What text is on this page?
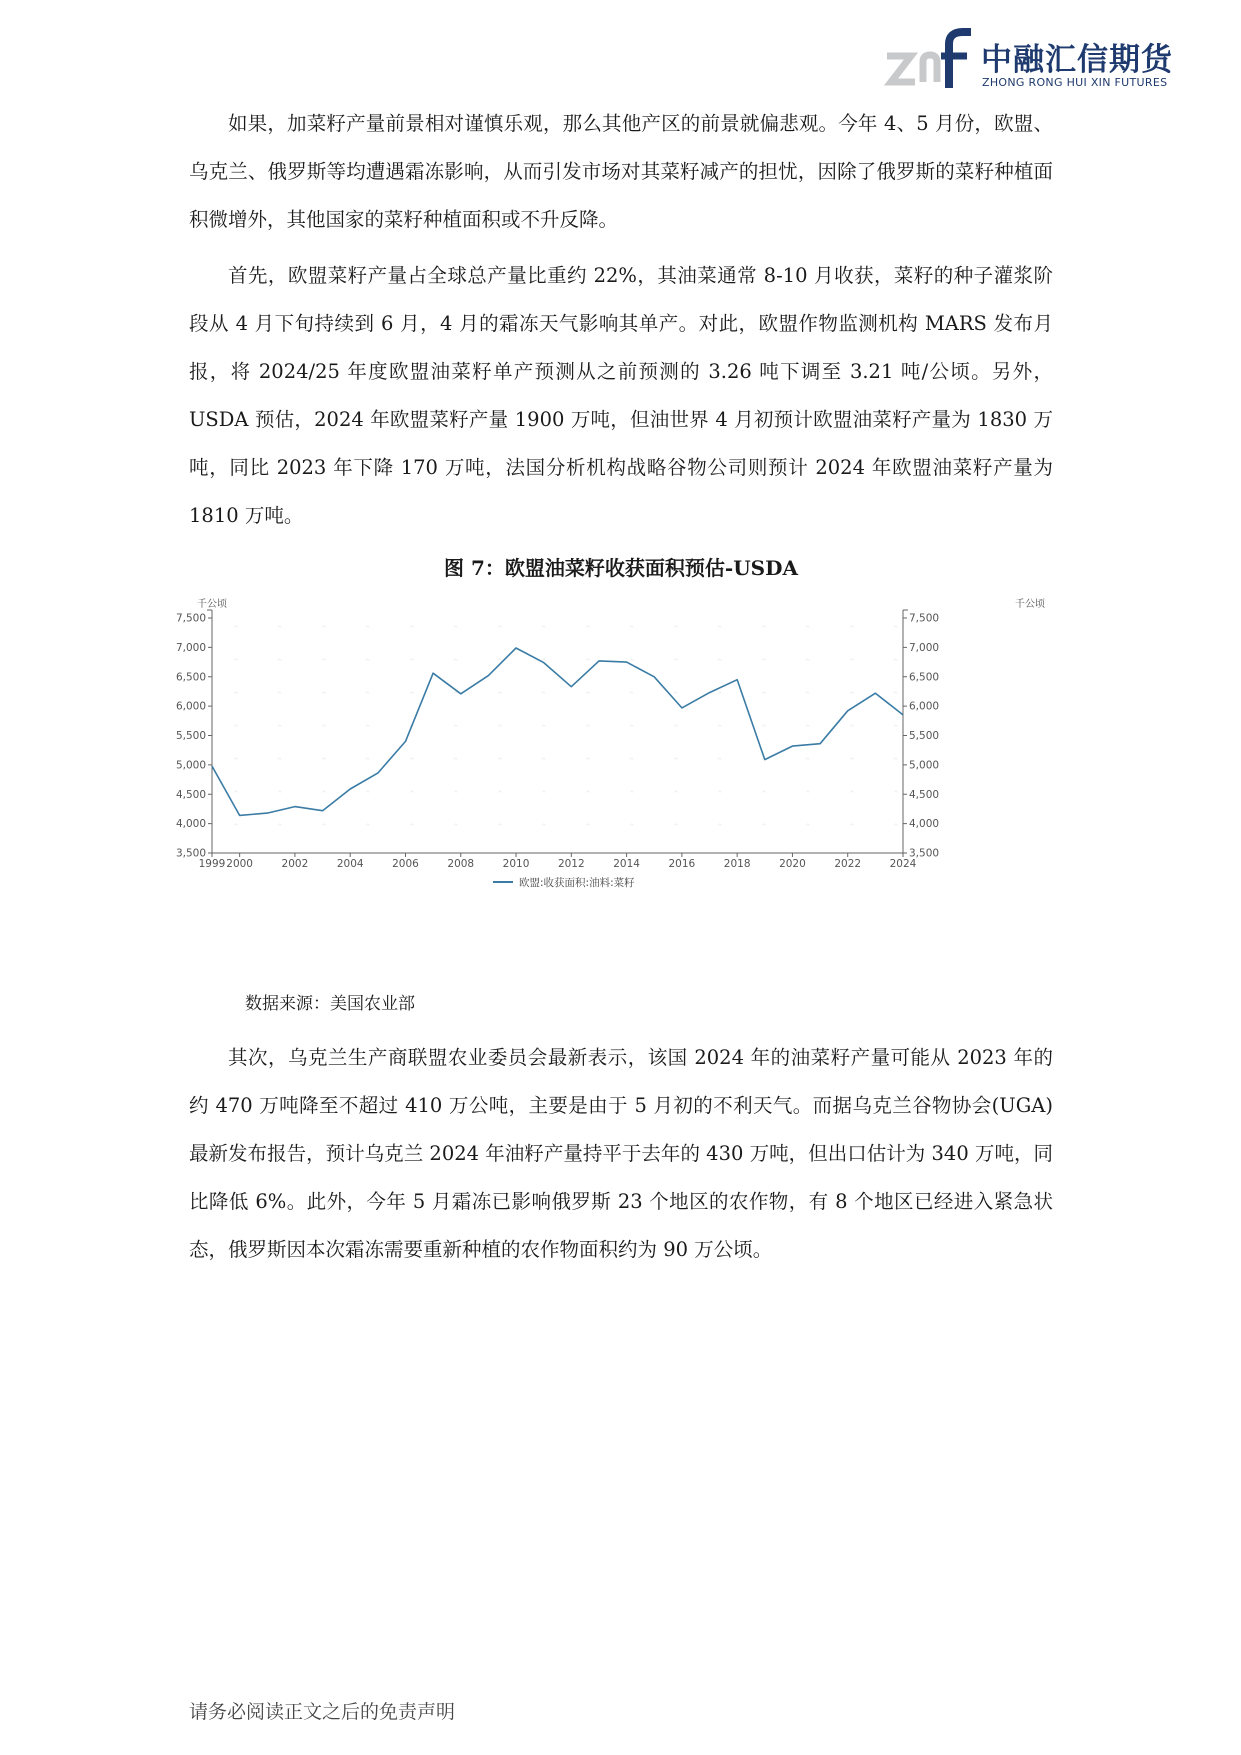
中融汇信期货
ZHONG RONG HUI XIN FUTURES

如果，加菜籽产量前景相对谨慎乐观，那么其他产区的前景就偏悲观。今年 4、5 月份，欧盟、乌克兰、俄罗斯等均遭遇霜冻影响，从而引发市场对其菜籽减产的担忧，因除了俄罗斯的菜籽种植面积微增外，其他国家的菜籽种植面积或不升反降。

首先，欧盟菜籽产量占全球总产量比重约 22%，其油菜通常 8-10 月收获，菜籽的种子灌浆阶段从 4 月下旬持续到 6 月，4 月的霜冻天气影响其单产。对此，欧盟作物监测机构 MARS 发布月报，将 2024/25 年度欧盟油菜籽单产预测从之前预测的 3.26 吨下调至 3.21 吨/公顷。另外，USDA 预估，2024 年欧盟菜籽产量 1900 万吨，但油世界 4 月初预计欧盟油菜籽产量为 1830 万吨，同比 2023 年下降 170 万吨，法国分析机构战略谷物公司则预计 2024 年欧盟油菜籽产量为 1810 万吨。

图 7：欧盟油菜籽收获面积预估-USDA

⌃
⌃
⌃
⌃
⌃
⌃
⌃
⌃
⌃
⌃
⌃
⌃
⌃
⌃
⌃
⌃
⌃
⌃
⌃
⌃
⌃
⌃
⌃
⌃
⌃
⌃
⌃
⌃
⌃
⌃
⌃
⌃
⌃
⌃
⌃
⌃
⌃
⌃
⌃
⌃
⌃
⌃
⌃
⌃
⌃
⌃
⌃
⌃
⌃
⌃
⌃
⌃
⌃
⌃
⌃
⌃
⌃
⌃
⌃
⌃
⌃
⌃
⌃
⌃
⌃
⌃
⌃
⌃
⌃
⌃
⌃
⌃
⌃
⌃
⌃
⌃
⌃
⌃
⌃
⌃
⌃
⌃
⌃
⌃
⌃
⌃
⌃
⌃
⌃
⌃
⌃
⌃
⌃
⌃
⌃
⌃
⌃
⌃
⌃
⌃
⌃
⌃
⌃
⌃
⌃
⌃
⌃
⌃
⌃
⌃
⌃
⌃
千公顷	千公顷
3,500
4,000
4,500
5,000
5,500
6,000
6,500
7,000
7,500
3,500
4,000
4,500
5,000
5,500
6,000
6,500
7,000
7,500
1999 2000	2002	2004	2006	2008	2010	2012	2014	2016	2018	2020	2022	2024
欧盟:收获面积:油料:菜籽

数据来源：美国农业部

其次，乌克兰生产商联盟农业委员会最新表示，该国 2024 年的油菜籽产量可能从 2023 年的约 470 万吨降至不超过 410 万公吨，主要是由于 5 月初的不利天气。而据乌克兰谷物协会(UGA)最新发布报告，预计乌克兰 2024 年油籽产量持平于去年的 430 万吨，但出口估计为 340 万吨，同比降低 6%。此外，今年 5 月霜冻已影响俄罗斯 23 个地区的农作物，有 8 个地区已经进入紧急状态，俄罗斯因本次霜冻需要重新种植的农作物面积约为 90 万公顷。

请务必阅读正文之后的免责声明
